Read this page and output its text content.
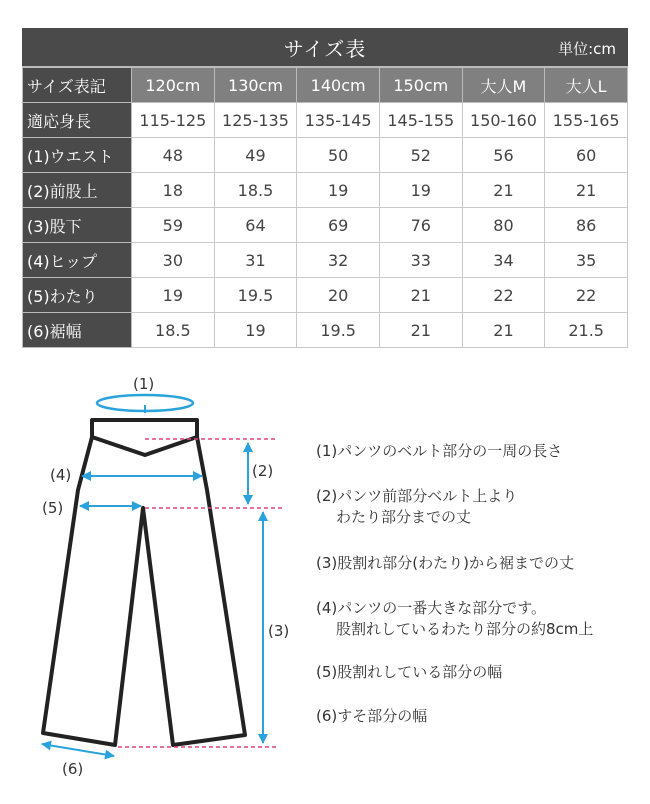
サイズ表	単位:cm
サイズ表記	120cm	130cm	140cm	150cm	大人M	大人L
適応身長	115-125	125-135	135-145	145-155	150-160	155-165
(1)ウエスト	48	49	50	52	56	60
(2)前股上	18	18.5	19	19	21	21
(3)股下	59	64	69	76	80	86
(4)ヒップ	30	31	32	33	34	35
(5)わたり	19	19.5	20	21	22	22
(6)裾幅	18.5	19	19.5	21	21	21.5
(1)
(2)
(3)
(4)
(5)
(6)
(1)パンツのベルト部分の一周の長さ
(2)パンツ前部分ベルト上より
わたり部分までの丈
(3)股割れ部分(わたり)から裾までの丈
(4)パンツの一番大きな部分です。
股割れしているわたり部分の約8cm上
(5)股割れしている部分の幅
(6)すそ部分の幅
